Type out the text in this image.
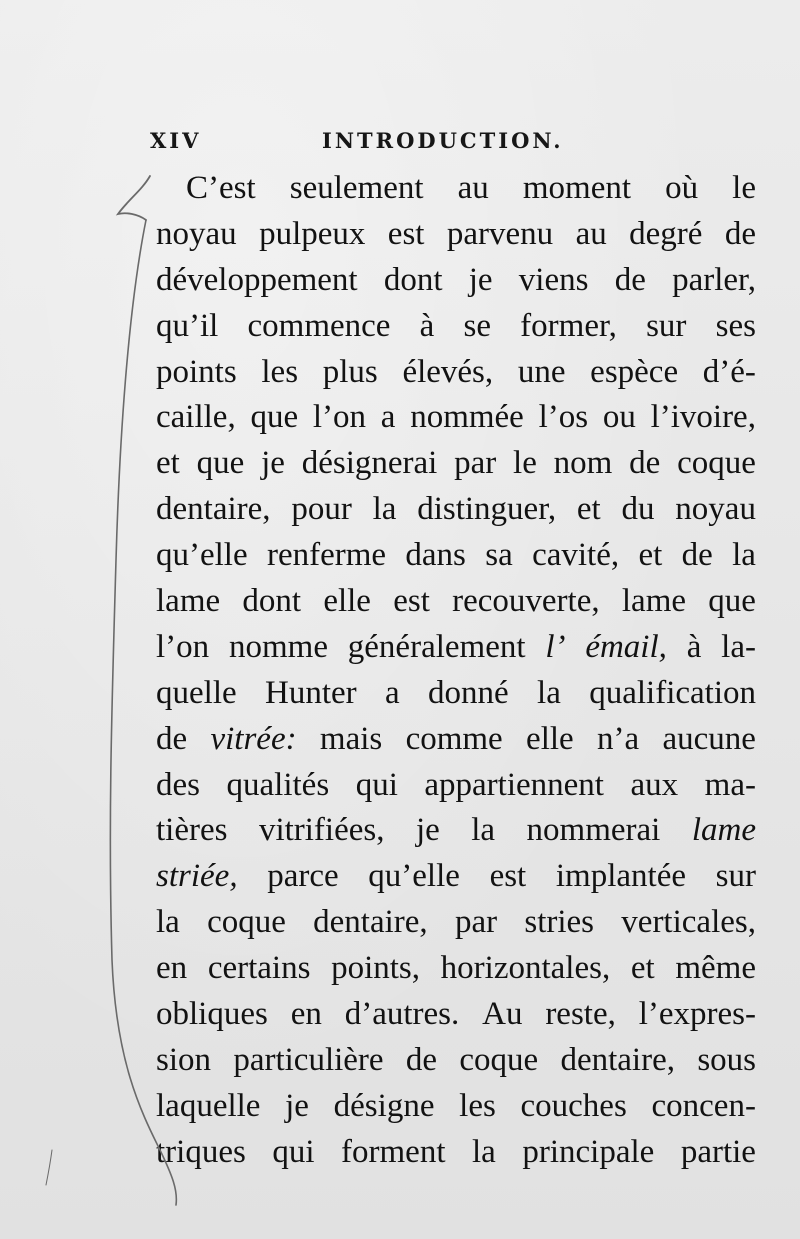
XIV	INTRODUCTION.
C’est seulement au moment où le
noyau pulpeux est parvenu au degré de
développement dont je viens de parler,
qu’il commence à se former, sur ses
points les plus élevés, une espèce d’é-
caille, que l’on a nommée l’os ou l’ivoire,
et que je désignerai par le nom de coque
dentaire, pour la distinguer, et du noyau
qu’elle renferme dans sa cavité, et de la
lame dont elle est recouverte, lame que
l’on nomme généralement l’ émail, à la-
quelle Hunter a donné la qualification
de vitrée: mais comme elle n’a aucune
des qualités qui appartiennent aux ma-
tières vitrifiées, je la nommerai lame
striée, parce qu’elle est implantée sur
la coque dentaire, par stries verticales,
en certains points, horizontales, et même
obliques en d’autres. Au reste, l’expres-
sion particulière de coque dentaire, sous
laquelle je désigne les couches concen-
triques qui forment la principale partie
